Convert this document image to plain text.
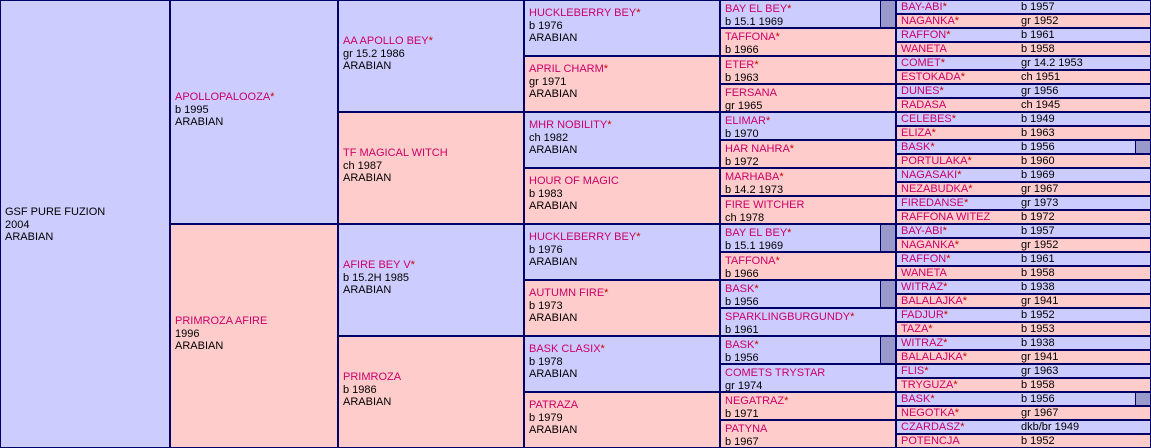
GSF PURE FUZION
2004
ARABIAN
APOLLOPALOOZA*
b 1995
ARABIAN
PRIMROZA AFIRE
1996
ARABIAN
AA APOLLO BEY*
gr 15.2 1986
ARABIAN
TF MAGICAL WITCH
ch 1987
ARABIAN
AFIRE BEY V*
b 15.2H 1985
ARABIAN
PRIMROZA
b 1986
ARABIAN
HUCKLEBERRY BEY*
b 1976
ARABIAN
APRIL CHARM*
gr 1971
ARABIAN
MHR NOBILITY*
ch 1982
ARABIAN
HOUR OF MAGIC
b 1983
ARABIAN
HUCKLEBERRY BEY*
b 1976
ARABIAN
AUTUMN FIRE*
b 1973
ARABIAN
BASK CLASIX*
b 1978
ARABIAN
PATRAZA
b 1979
ARABIAN
BAY EL BEY*
b 15.1 1969
TAFFONA*
b 1966
ETER*
b 1963
FERSANA
gr 1965
ELIMAR*
b 1970
HAR NAHRA*
b 1972
MARHABA*
b 14.2 1973
FIRE WITCHER
ch 1978
BAY EL BEY*
b 15.1 1969
TAFFONA*
b 1966
BASK*
b 1956
SPARKLINGBURGUNDY*
b 1961
BASK*
b 1956
COMETS TRYSTAR
gr 1974
NEGATRAZ*
b 1971
PATYNA
b 1967
BAY-ABI*	b 1957
NAGANKA*	gr 1952
RAFFON*	b 1961
WANETA	b 1958
COMET*	gr 14.2 1953
ESTOKADA*	ch 1951
DUNES*	gr 1956
RADASA	ch 1945
CELEBES*	b 1949
ELIZA*	b 1963
BASK*	b 1956
PORTULAKA*	b 1960
NAGASAKI*	b 1969
NEZABUDKA*	gr 1967
FIREDANSE*	gr 1973
RAFFONA WITEZ	b 1972
BAY-ABI*	b 1957
NAGANKA*	gr 1952
RAFFON*	b 1961
WANETA	b 1958
WITRAZ*	b 1938
BALALAJKA*	gr 1941
FADJUR*	b 1952
TAZA*	b 1953
WITRAZ*	b 1938
BALALAJKA*	gr 1941
FLIS*	gr 1963
TRYGUZA*	b 1958
BASK*	b 1956
NEGOTKA*	gr 1967
CZARDASZ*	dkb/br 1949
POTENCJA	b 1952
